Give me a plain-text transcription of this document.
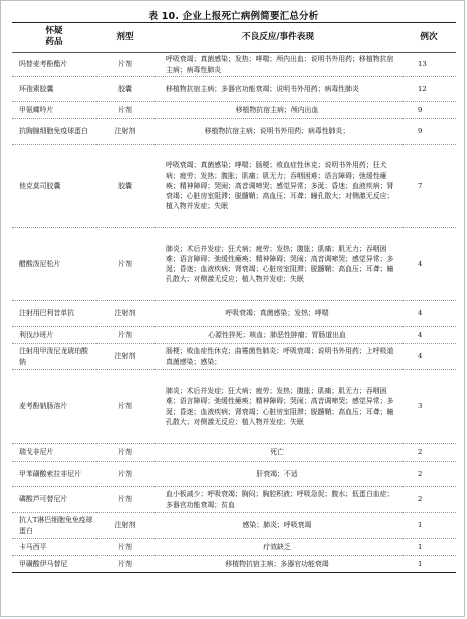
表 10. 企业上报死亡病例简要汇总分析
怀疑
药品	剂型	不良反应/事件表现	例次
吗替麦考酚酯片	片剂	呼吸衰竭；真菌感染；发热；哮喘；颅内出血；说明书外用药；移植物抗宿主病；病毒性肺炎	13
环孢素胶囊	胶囊	移植物抗宿主病；多器官功能衰竭；说明书外用药；病毒性肺炎	12
甲氨蝶呤片	片剂	移植物抗宿主病；颅内出血	9
抗胸腺细胞免疫球蛋白	注射剂	移植物抗宿主病；说明书外用药；病毒性肺炎；	9
他克莫司胶囊	胶囊	呼吸衰竭；真菌感染；哮喘；肠梗；败血症性休克；说明书外用药；狂犬病；疲劳；发热；腹胀；肌痛；肌无力；吞咽困难；语言障碍；弛缓性瘫痪；精神障碍；哭闹；高音调啼哭；感觉异常；多涎；昏迷；血液疾病；肾衰竭；心脏房室阻滞；脱髓鞘；高血压；耳聋；瞳孔散大；对侧激无反应；植入物并发症；失眠	7
醋酸泼尼松片	片剂	肺炎；术后并发症；狂犬病；疲劳；发热；腹胀；肌痛；肌无力；吞咽困难；语言障碍；弛缓性瘫痪；精神障碍；哭闹；高音调啼哭；感觉异常；多涎；昏迷；血液疾病；肾衰竭；心脏房室阻滞；脱髓鞘；高血压；耳聋；瞳孔散大；对侧激无反应；植入物并发症；失眠	4
注射用巴利昔单抗	注射剂	呼吸衰竭；真菌感染；发热；哮喘	4
利伐沙班片	片剂	心源性猝死；咳血；肺恶性肿瘤；胃肠道出血	4
注射用甲泼尼龙琥珀酸钠	注射剂	肠梗；败血症性休克；曲霉菌性肺炎；呼吸衰竭；说明书外用药；上呼吸道真菌感染；感染；	4
麦考酚钠肠溶片	片剂	肺炎；术后并发症；狂犬病；疲劳；发热；腹胀；肌痛；肌无力；吞咽困难；语言障碍；弛缓性瘫痪；精神障碍；哭闹；高音调啼哭；感觉异常；多涎；昏迷；血液疾病；肾衰竭；心脏房室阻滞；脱髓鞘；高血压；耳聋；瞳孔散大；对侧激无反应；植入物并发症；失眠	3
瑞戈非尼片	片剂	死亡	2
甲苯磺酸索拉非尼片	片剂	肝衰竭；不适	2
磷酸芦可替尼片	片剂	血小板减少；呼吸衰竭；胸闷；胸腔积液；呼吸急促；腹水；低蛋白血症；多器官功能衰竭；贫血	2
抗人T淋巴细胞兔免疫球蛋白	注射剂	感染；肺炎；呼吸衰竭	1
卡马西平	片剂	疗效缺乏	1
甲磺酸伊马替尼	片剂	移植物抗宿主病；多器官功能衰竭	1
